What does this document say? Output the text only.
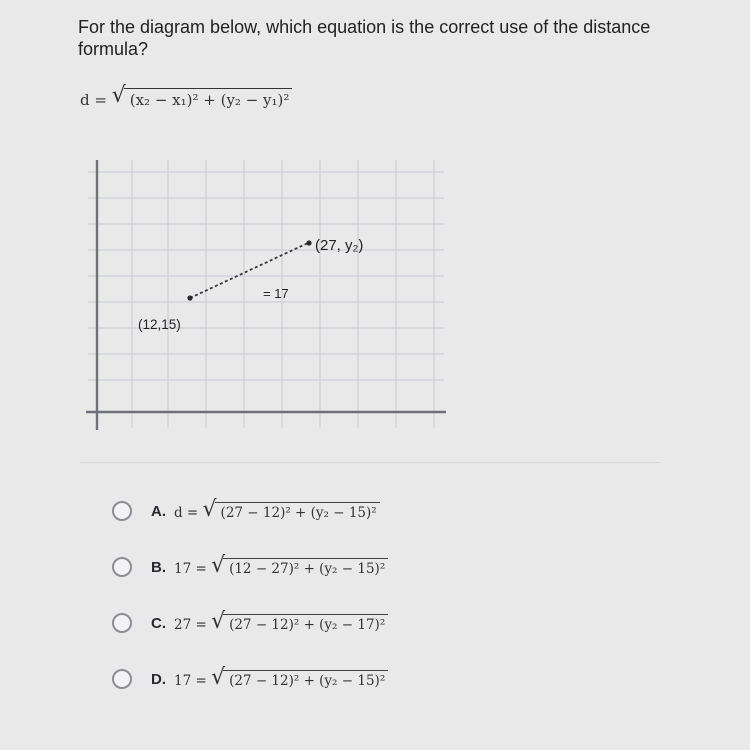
For the diagram below, which equation is the correct use of the distance formula?
d = √ (x₂ − x₁)² + (y₂ − y₁)²
(27, y₂)
= 17
(12,15)
A. d = √ (27 − 12)² + (y₂ − 15)²
B. 17 = √ (12 − 27)² + (y₂ − 15)²
C. 27 = √ (27 − 12)² + (y₂ − 17)²
D. 17 = √ (27 − 12)² + (y₂ − 15)²
